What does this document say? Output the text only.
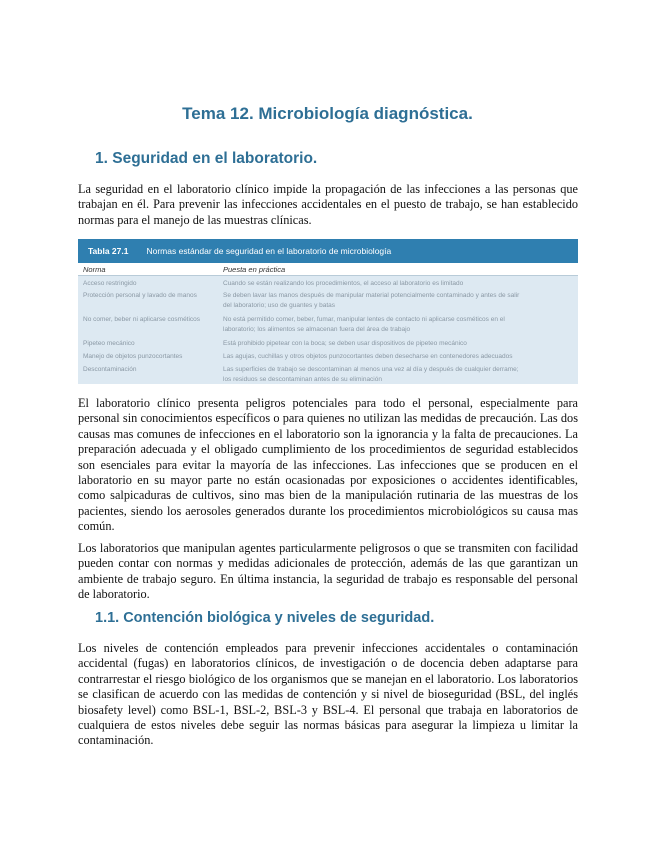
Tema 12. Microbiología diagnóstica.
1. Seguridad en el laboratorio.

La seguridad en el laboratorio clínico impide la propagación de las infecciones a las personas que trabajan en él. Para prevenir las infecciones accidentales en el puesto de trabajo, se han establecido normas para el manejo de las muestras clínicas.

Tabla 27.1 Normas estándar de seguridad en el laboratorio de microbiología
Norma	Puesta en práctica
Acceso restringido	Cuando se están realizando los procedimientos, el acceso al laboratorio es limitado
Protección personal y lavado de manos	Se deben lavar las manos después de manipular material potencialmente contaminado y antes de salir
del laboratorio; uso de guantes y batas
No comer, beber ni aplicarse cosméticos	No está permitido comer, beber, fumar, manipular lentes de contacto ni aplicarse cosméticos en el
laboratorio; los alimentos se almacenan fuera del área de trabajo
Pipeteo mecánico	Está prohibido pipetear con la boca; se deben usar dispositivos de pipeteo mecánico
Manejo de objetos punzocortantes	Las agujas, cuchillas y otros objetos punzocortantes deben desecharse en contenedores adecuados
Descontaminación	Las superficies de trabajo se descontaminan al menos una vez al día y después de cualquier derrame;
los residuos se descontaminan antes de su eliminación

El laboratorio clínico presenta peligros potenciales para todo el personal, especialmente para personal sin conocimientos específicos o para quienes no utilizan las medidas de precaución. Las dos causas mas comunes de infecciones en el laboratorio son la ignorancia y la falta de precauciones. La preparación adecuada y el obligado cumplimiento de los procedimientos de seguridad establecidos son esenciales para evitar la mayoría de las infecciones. Las infecciones que se producen en el laboratorio en su mayor parte no están ocasionadas por exposiciones o accidentes identificables, como salpicaduras de cultivos, sino mas bien de la manipulación rutinaria de las muestras de los pacientes, siendo los aerosoles generados durante los procedimientos microbiológicos su causa mas común.

Los laboratorios que manipulan agentes particularmente peligrosos o que se transmiten con facilidad pueden contar con normas y medidas adicionales de protección, además de las que garantizan un ambiente de trabajo seguro. En última instancia, la seguridad de trabajo es responsable del personal de laboratorio.

1.1. Contención biológica y niveles de seguridad.

Los niveles de contención empleados para prevenir infecciones accidentales o contaminación accidental (fugas) en laboratorios clínicos, de investigación o de docencia deben adaptarse para contrarrestar el riesgo biológico de los organismos que se manejan en el laboratorio. Los laboratorios se clasifican de acuerdo con las medidas de contención y si nivel de bioseguridad (BSL, del inglés biosafety level) como BSL-1, BSL-2, BSL-3 y BSL-4. El personal que trabaja en laboratorios de cualquiera de estos niveles debe seguir las normas básicas para asegurar la limpieza u limitar la contaminación.
